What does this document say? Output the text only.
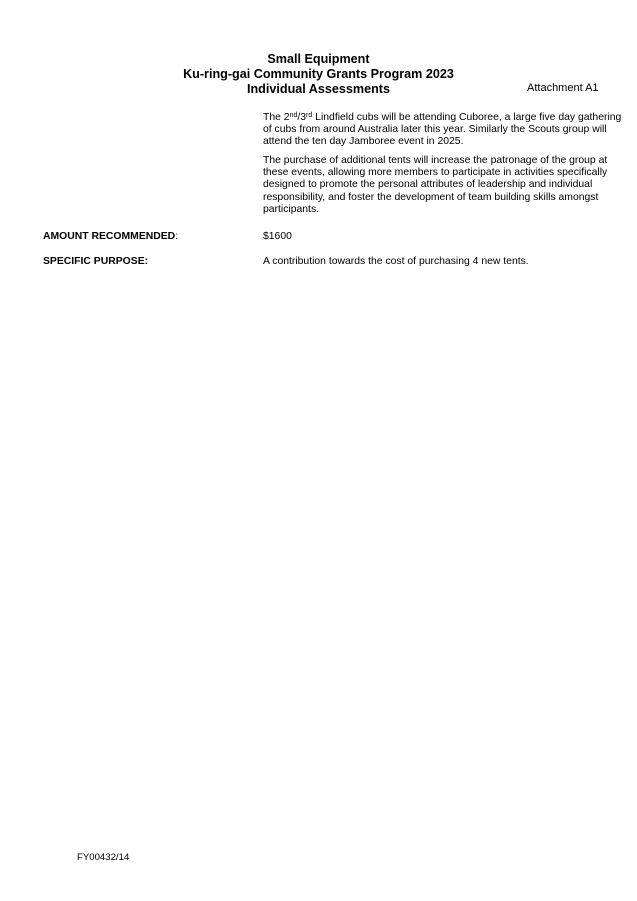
Small Equipment
Ku-ring-gai Community Grants Program 2023
Individual Assessments	Attachment A1

The 2nd/3rd Lindfield cubs will be attending Cuboree, a large five day gathering of cubs from around Australia later this year. Similarly the Scouts group will attend the ten day Jamboree event in 2025.

The purchase of additional tents will increase the patronage of the group at these events, allowing more members to participate in activities specifically designed to promote the personal attributes of leadership and individual responsibility, and foster the development of team building skills amongst participants.

AMOUNT RECOMMENDED:	$1600
SPECIFIC PURPOSE:	A contribution towards the cost of purchasing 4 new tents.
FY00432/14
